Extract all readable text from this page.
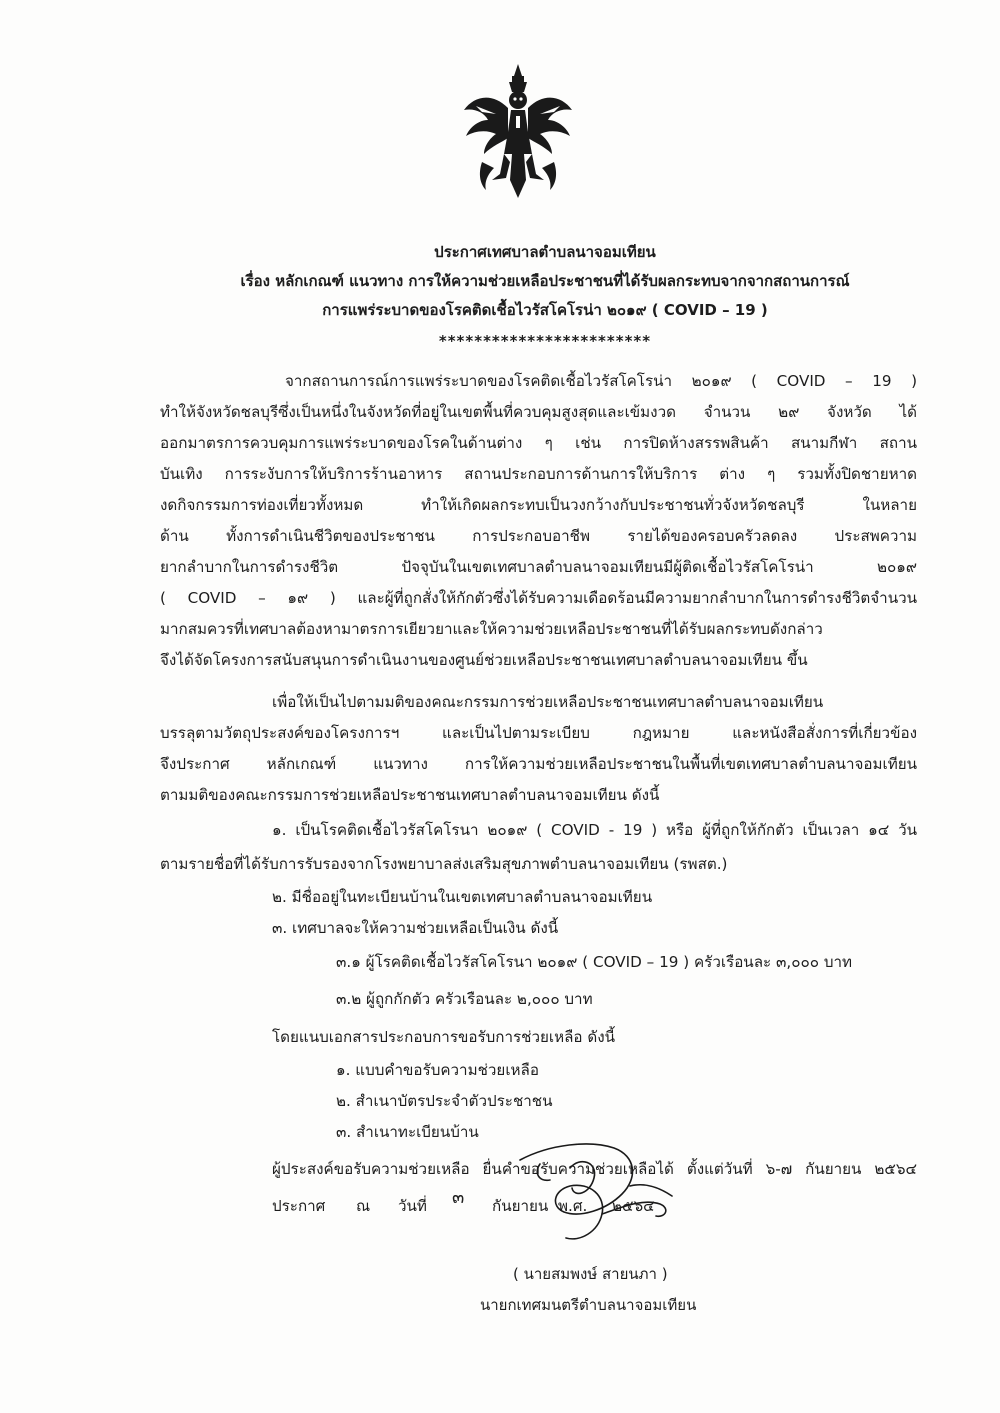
ประกาศเทศบาลตำบลนาจอมเทียน
เรื่อง หลักเกณฑ์ แนวทาง การให้ความช่วยเหลือประชาชนที่ได้รับผลกระทบจากจากสถานการณ์
การแพร่ระบาดของโรคติดเชื้อไวรัสโคโรน่า ๒๐๑๙ ( COVID – 19 )
************************
จากสถานการณ์การแพร่ระบาดของโรคติดเชื้อไวรัสโคโรน่า ๒๐๑๙ ( COVID – 19 )
ทำให้จังหวัดชลบุรีซึ่งเป็นหนึ่งในจังหวัดที่อยู่ในเขตพื้นที่ควบคุมสูงสุดและเข้มงวด จำนวน ๒๙ จังหวัด ได้
ออกมาตรการควบคุมการแพร่ระบาดของโรคในด้านต่าง ๆ เช่น การปิดห้างสรรพสินค้า สนามกีฬา สถาน
บันเทิง การระงับการให้บริการร้านอาหาร สถานประกอบการด้านการให้บริการ ต่าง ๆ รวมทั้งปิดชายหาด
งดกิจกรรมการท่องเที่ยวทั้งหมด ทำให้เกิดผลกระทบเป็นวงกว้างกับประชาชนทั่วจังหวัดชลบุรี ในหลาย
ด้าน ทั้งการดำเนินชีวิตของประชาชน การประกอบอาชีพ รายได้ของครอบครัวลดลง ประสพความ
ยากลำบากในการดำรงชีวิต ปัจจุบันในเขตเทศบาลตำบลนาจอมเทียนมีผู้ติดเชื้อไวรัสโคโรน่า ๒๐๑๙
( COVID – ๑๙ ) และผู้ที่ถูกสั่งให้กักตัวซึ่งได้รับความเดือดร้อนมีความยากลำบากในการดำรงชีวิตจำนวน
มากสมควรที่เทศบาลต้องหามาตรการเยียวยาและให้ความช่วยเหลือประชาชนที่ได้รับผลกระทบดังกล่าว
จึงได้จัดโครงการสนับสนุนการดำเนินงานของศูนย์ช่วยเหลือประชาชนเทศบาลตำบลนาจอมเทียน ขึ้น
เพื่อให้เป็นไปตามมติของคณะกรรมการช่วยเหลือประชาชนเทศบาลตำบลนาจอมเทียน
บรรลุตามวัตถุประสงค์ของโครงการฯ และเป็นไปตามระเบียบ กฎหมาย และหนังสือสั่งการที่เกี่ยวข้อง
จึงประกาศ หลักเกณฑ์ แนวทาง การให้ความช่วยเหลือประชาชนในพื้นที่เขตเทศบาลตำบลนาจอมเทียน
ตามมติของคณะกรรมการช่วยเหลือประชาชนเทศบาลตำบลนาจอมเทียน ดังนี้
๑. เป็นโรคติดเชื้อไวรัสโคโรนา ๒๐๑๙ ( COVID - 19 ) หรือ ผู้ที่ถูกให้กักตัว เป็นเวลา ๑๔ วัน
ตามรายชื่อที่ได้รับการรับรองจากโรงพยาบาลส่งเสริมสุขภาพตำบลนาจอมเทียน (รพสต.)
๒. มีชื่ออยู่ในทะเบียนบ้านในเขตเทศบาลตำบลนาจอมเทียน
๓. เทศบาลจะให้ความช่วยเหลือเป็นเงิน ดังนี้
๓.๑ ผู้โรคติดเชื้อไวรัสโคโรนา ๒๐๑๙ ( COVID – 19 ) ครัวเรือนละ ๓,๐๐๐ บาท
๓.๒ ผู้ถูกกักตัว ครัวเรือนละ ๒,๐๐๐ บาท
โดยแนบเอกสารประกอบการขอรับการช่วยเหลือ ดังนี้
๑. แบบคำขอรับความช่วยเหลือ
๒. สำเนาบัตรประจำตัวประชาชน
๓. สำเนาทะเบียนบ้าน
ผู้ประสงค์ขอรับความช่วยเหลือ ยื่นคำขอรับความช่วยเหลือได้ ตั้งแต่วันที่ ๖-๗ กันยายน ๒๕๖๔
ประกาศ ณ วันที่ ๓ กันยายน พ.ศ. ๒๕๖๔
( นายสมพงษ์ สายนภา )
นายกเทศมนตรีตำบลนาจอมเทียน
